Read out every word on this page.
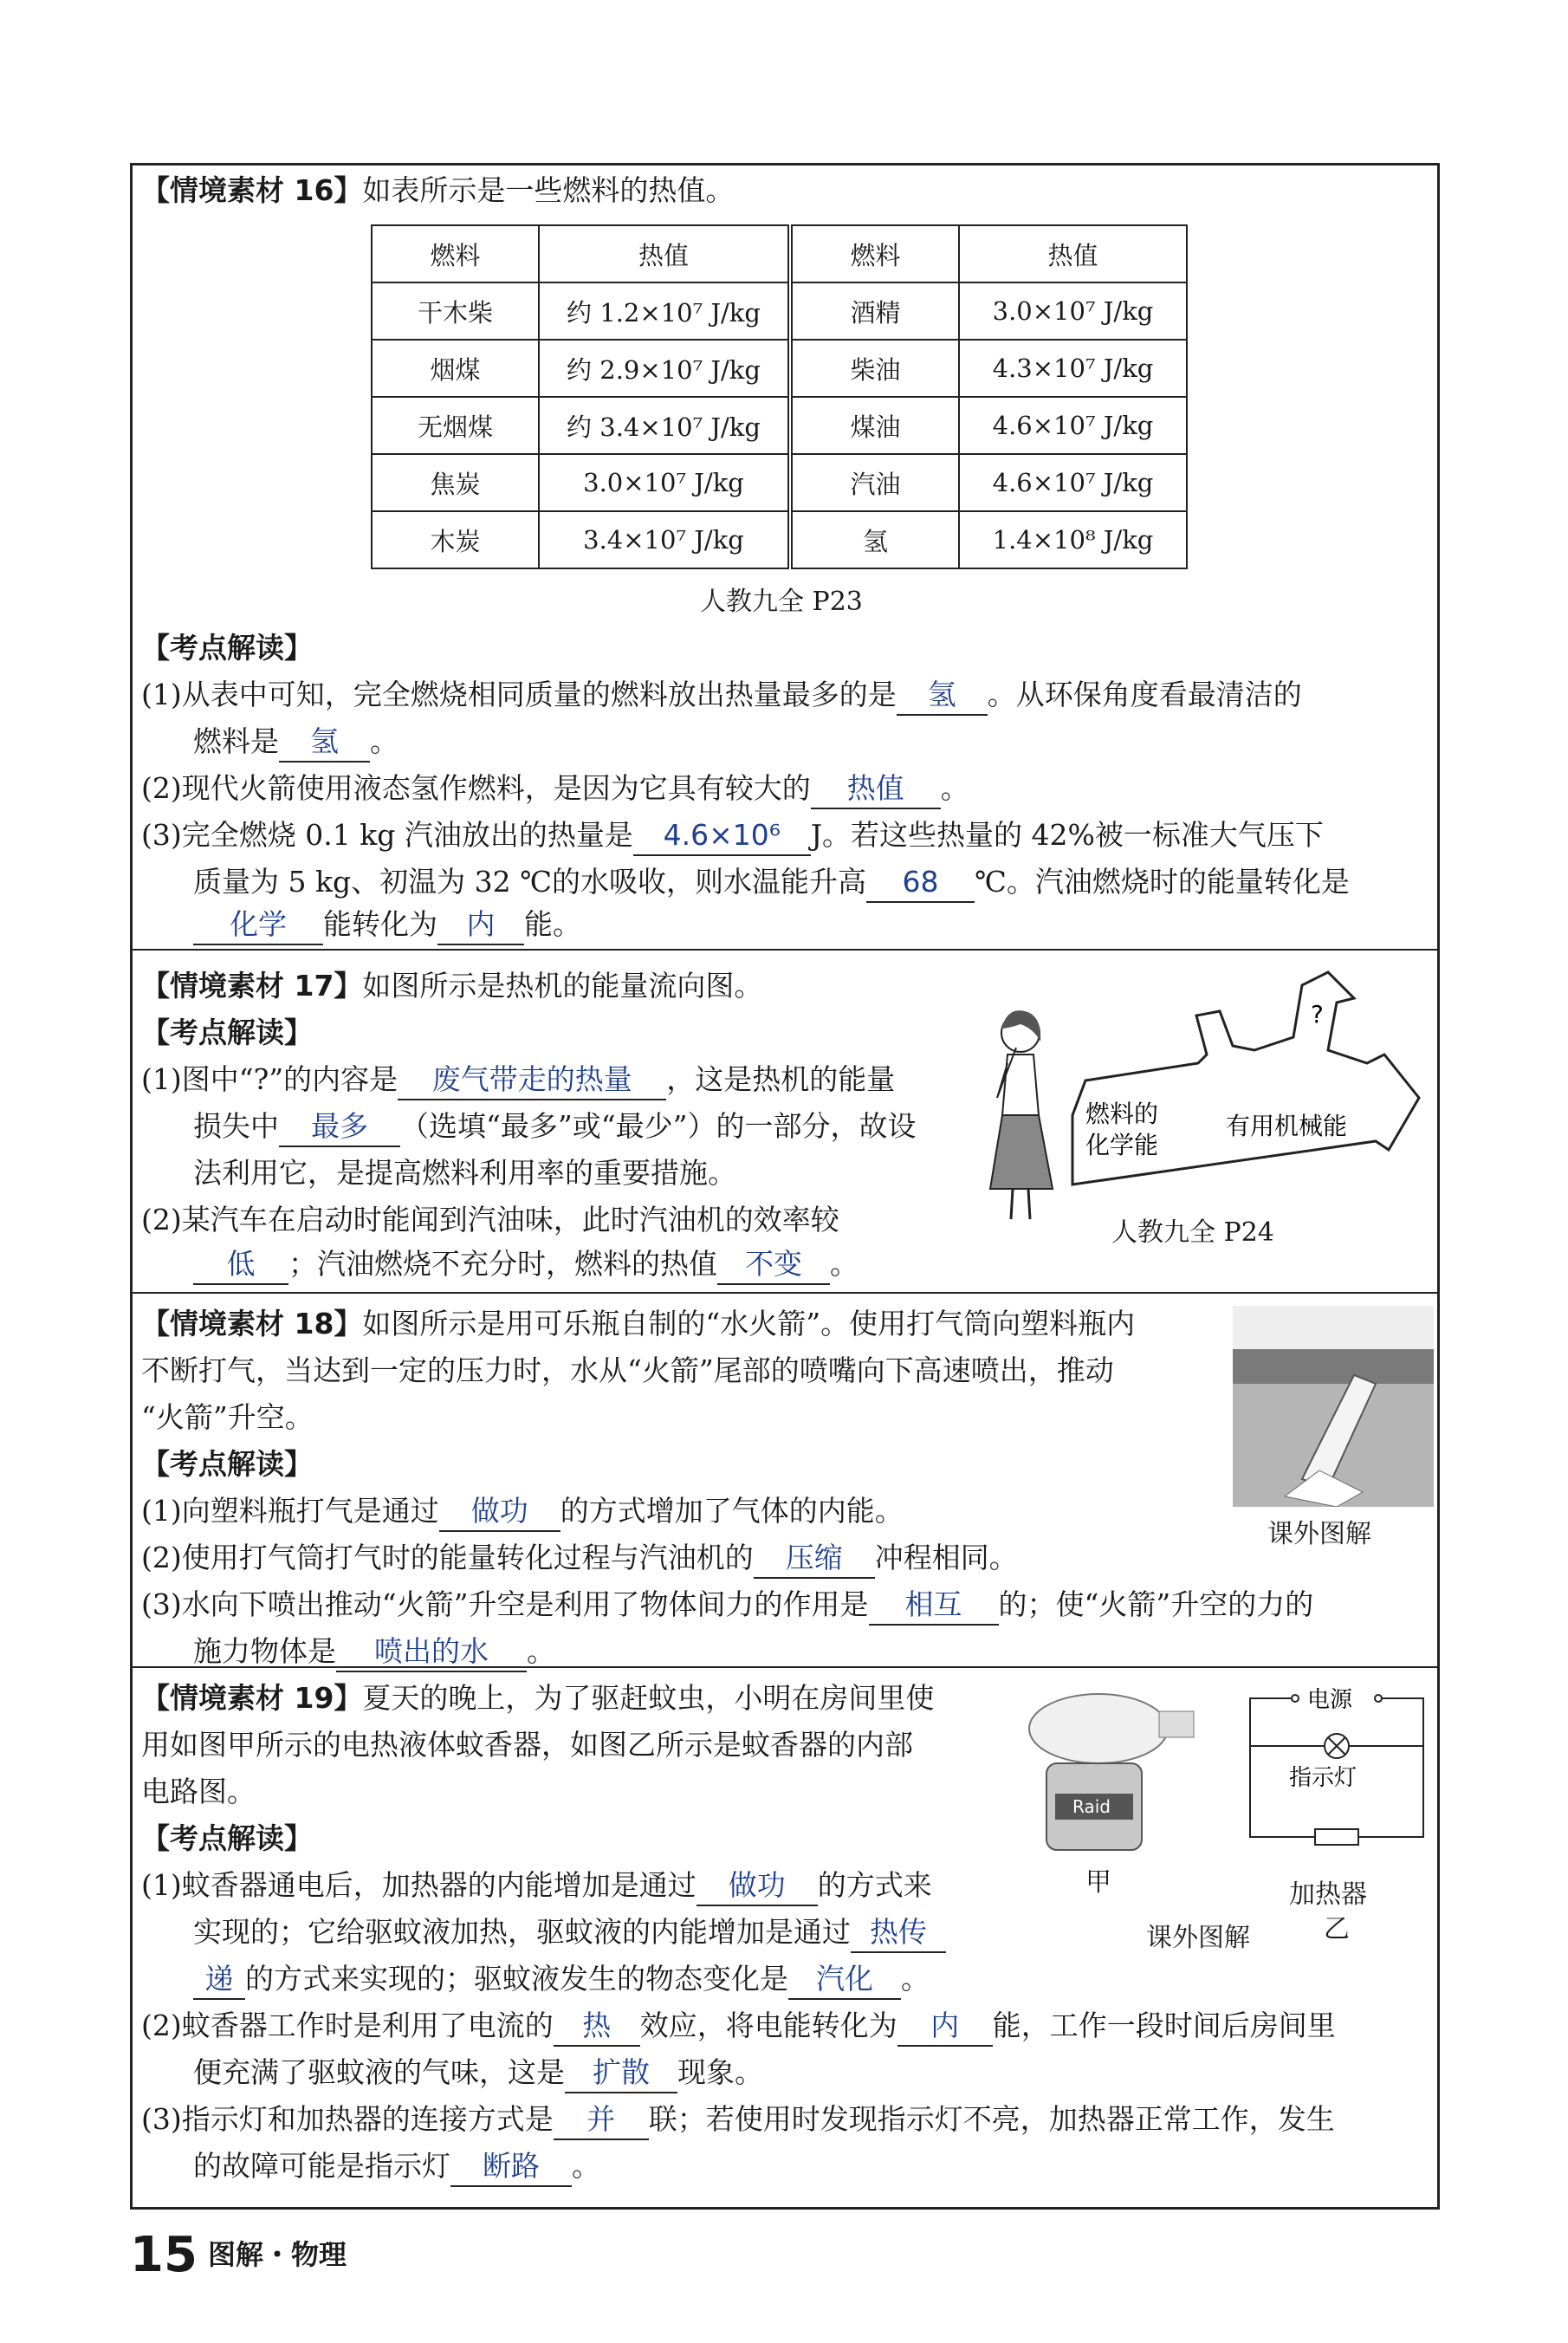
【情境素材 16】如表所示是一些燃料的热值。
燃料	热值	燃料	热值
干木柴	约 1.2×10⁷ J/kg	酒精	3.0×10⁷ J/kg
烟煤	约 2.9×10⁷ J/kg	柴油	4.3×10⁷ J/kg
无烟煤	约 3.4×10⁷ J/kg	煤油	4.6×10⁷ J/kg
焦炭	3.0×10⁷ J/kg	汽油	4.6×10⁷ J/kg
木炭	3.4×10⁷ J/kg	氢	1.4×10⁸ J/kg
人教九全 P23
【考点解读】
(1)从表中可知，完全燃烧相同质量的燃料放出热量最多的是 氢 。从环保角度看最清洁的
燃料是 氢 。
(2)现代火箭使用液态氢作燃料，是因为它具有较大的 热值 。
(3)完全燃烧 0.1 kg 汽油放出的热量是 4.6×10⁶ J。若这些热量的 42%被一标准大气压下
质量为 5 kg、初温为 32 ℃的水吸收，则水温能升高 68 ℃。汽油燃烧时的能量转化是
化学 能转化为 内 能。
【情境素材 17】如图所示是热机的能量流向图。
【考点解读】
(1)图中“?”的内容是 废气带走的热量 ，这是热机的能量
损失中 最多 （选填“最多”或“最少”）的一部分，故设
法利用它，是提高燃料利用率的重要措施。
(2)某汽车在启动时能闻到汽油味，此时汽油机的效率较
低 ；汽油燃烧不充分时，燃料的热值 不变 。
?
燃料的
化学能
有用机械能
人教九全 P24
【情境素材 18】如图所示是用可乐瓶自制的“水火箭”。使用打气筒向塑料瓶内
不断打气，当达到一定的压力时，水从“火箭”尾部的喷嘴向下高速喷出，推动
“火箭”升空。
【考点解读】
(1)向塑料瓶打气是通过 做功 的方式增加了气体的内能。
(2)使用打气筒打气时的能量转化过程与汽油机的 压缩 冲程相同。
(3)水向下喷出推动“火箭”升空是利用了物体间力的作用是 相互 的；使“火箭”升空的力的
施力物体是 喷出的水 。
课外图解
【情境素材 19】夏天的晚上，为了驱赶蚊虫，小明在房间里使
用如图甲所示的电热液体蚊香器，如图乙所示是蚊香器的内部
电路图。
【考点解读】
(1)蚊香器通电后，加热器的内能增加是通过 做功 的方式来
实现的；它给驱蚊液加热，驱蚊液的内能增加是通过 热传
递 的方式来实现的；驱蚊液发生的物态变化是 汽化 。
(2)蚊香器工作时是利用了电流的 热 效应，将电能转化为 内 能，工作一段时间后房间里
便充满了驱蚊液的气味，这是 扩散 现象。
(3)指示灯和加热器的连接方式是 并 联；若使用时发现指示灯不亮，加热器正常工作，发生
的故障可能是指示灯 断路 。
Raid
甲
电源
指示灯
加热器
乙
课外图解
15 图解・物理
